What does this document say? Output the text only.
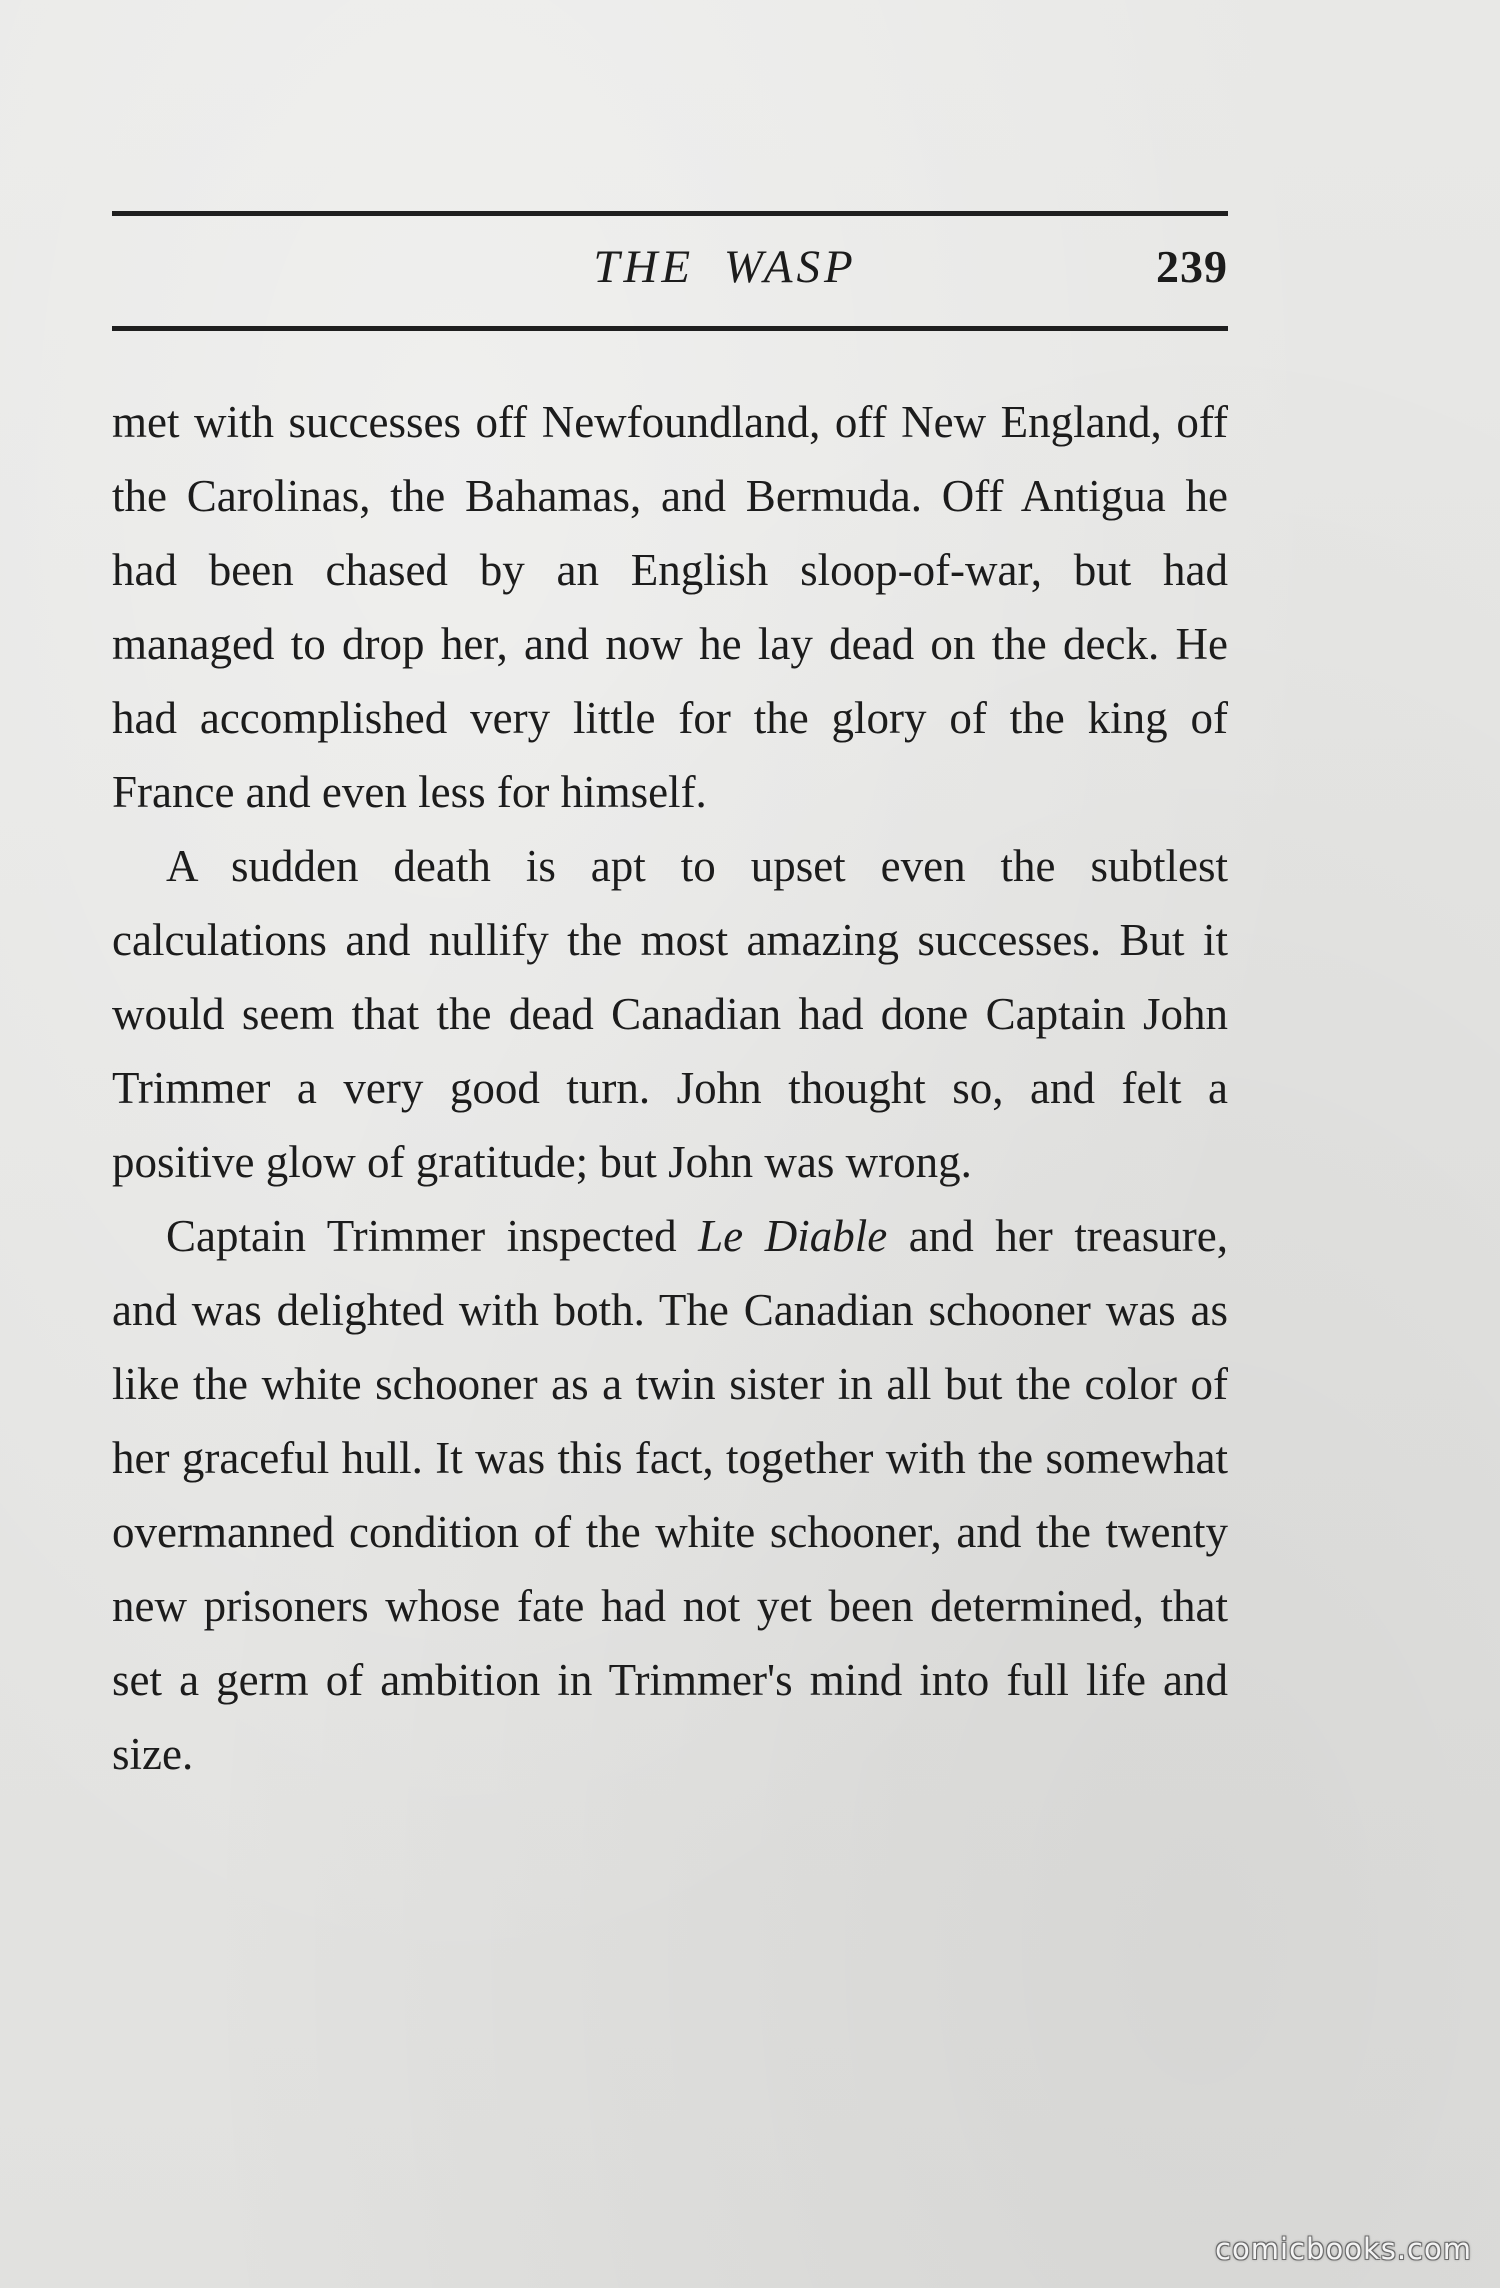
THE WASP	239

met with successes off Newfoundland, off New England, off the Carolinas, the Bahamas, and Bermuda. Off Antigua he had been chased by an English sloop-of-war, but had managed to drop her, and now he lay dead on the deck. He had accomplished very little for the glory of the king of France and even less for himself.

A sudden death is apt to upset even the subtlest calculations and nullify the most amazing successes. But it would seem that the dead Canadian had done Captain John Trimmer a very good turn. John thought so, and felt a positive glow of gratitude; but John was wrong.

Captain Trimmer inspected Le Diable and her treasure, and was delighted with both. The Canadian schooner was as like the white schooner as a twin sister in all but the color of her graceful hull. It was this fact, together with the somewhat overmanned condition of the white schooner, and the twenty new prisoners whose fate had not yet been determined, that set a germ of ambition in Trimmer's mind into full life and size.

comicbooks.com
